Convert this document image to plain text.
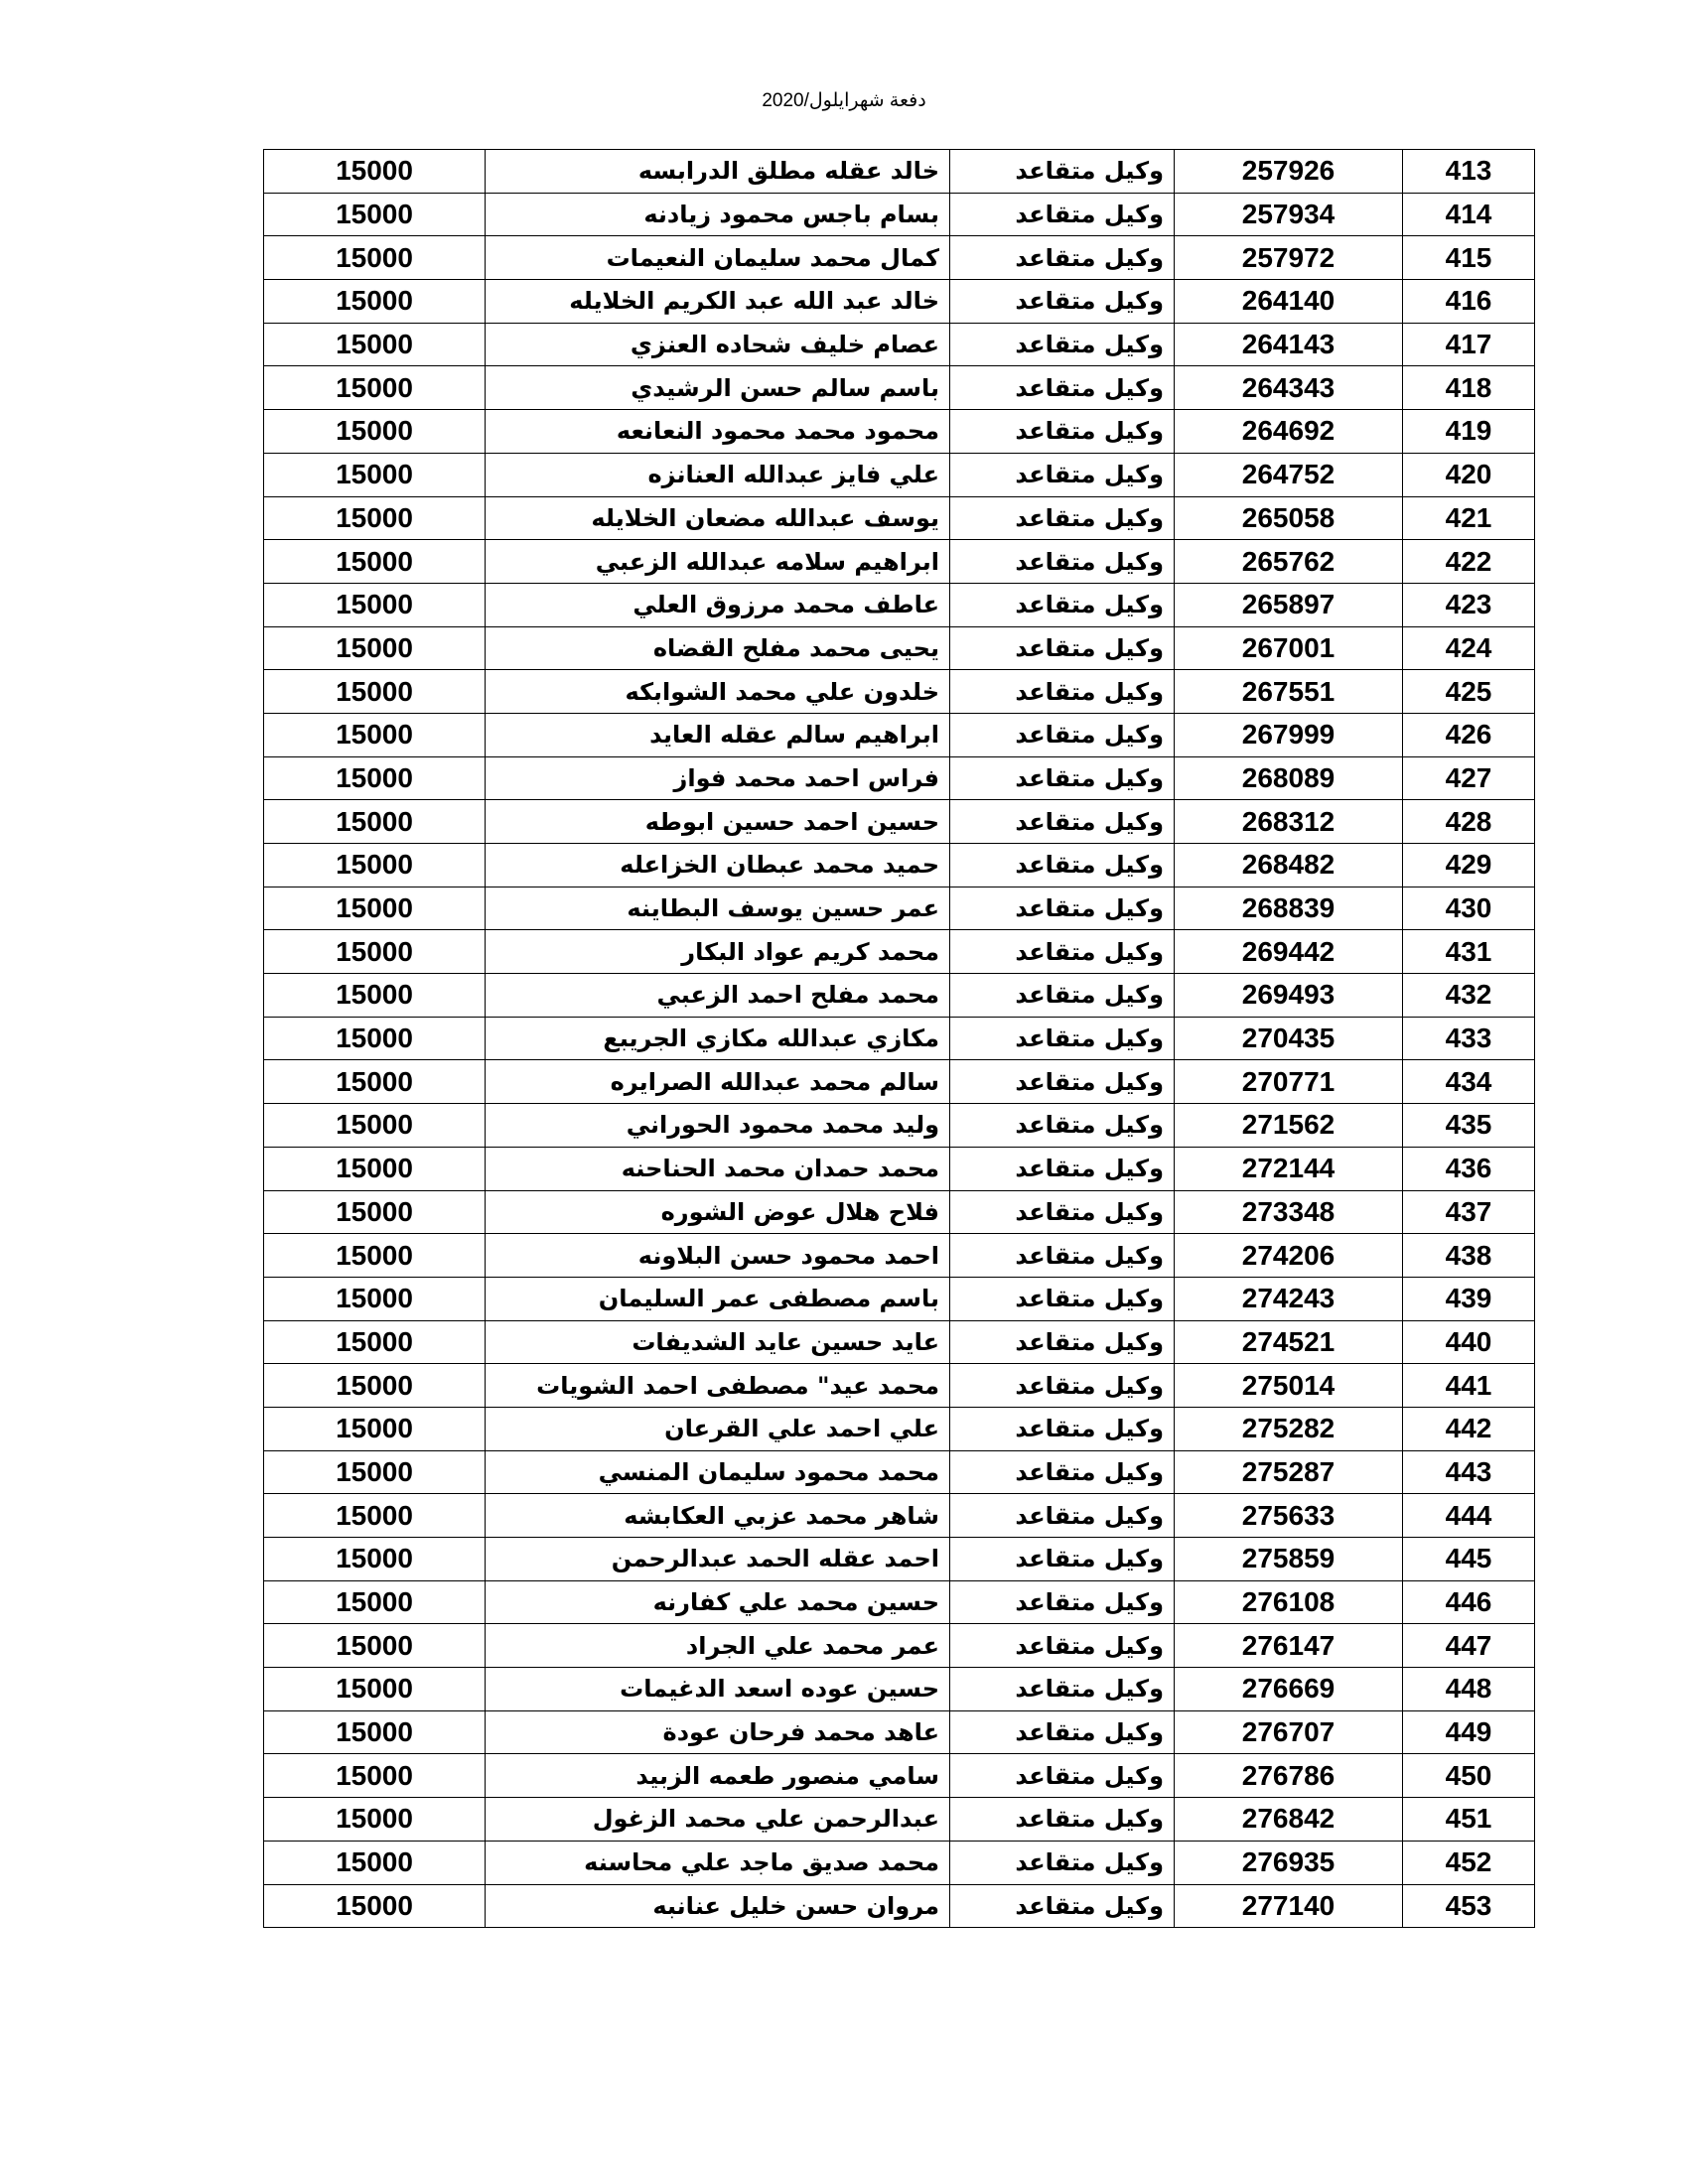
دفعة شهرايلول/2020
413	257926	وكيل متقاعد	خالد عقله مطلق الدرابسه	15000
414	257934	وكيل متقاعد	بسام باجس محمود زيادنه	15000
415	257972	وكيل متقاعد	كمال محمد سليمان النعيمات	15000
416	264140	وكيل متقاعد	خالد عبد الله عبد الكريم الخلايله	15000
417	264143	وكيل متقاعد	عصام خليف شحاده العنزي	15000
418	264343	وكيل متقاعد	باسم سالم حسن الرشيدي	15000
419	264692	وكيل متقاعد	محمود محمد محمود النعانعه	15000
420	264752	وكيل متقاعد	علي فايز عبدالله العنانزه	15000
421	265058	وكيل متقاعد	يوسف عبدالله مضعان الخلايله	15000
422	265762	وكيل متقاعد	ابراهيم سلامه عبدالله الزعبي	15000
423	265897	وكيل متقاعد	عاطف محمد مرزوق العلي	15000
424	267001	وكيل متقاعد	يحيى محمد مفلح القضاه	15000
425	267551	وكيل متقاعد	خلدون علي محمد الشوابكه	15000
426	267999	وكيل متقاعد	ابراهيم سالم عقله العايد	15000
427	268089	وكيل متقاعد	فراس احمد محمد فواز	15000
428	268312	وكيل متقاعد	حسين احمد حسين ابوطه	15000
429	268482	وكيل متقاعد	حميد محمد عبطان الخزاعله	15000
430	268839	وكيل متقاعد	عمر حسين يوسف البطاينه	15000
431	269442	وكيل متقاعد	محمد كريم عواد البكار	15000
432	269493	وكيل متقاعد	محمد مفلح احمد الزعبي	15000
433	270435	وكيل متقاعد	مكازي عبدالله مكازي الجريبع	15000
434	270771	وكيل متقاعد	سالم محمد عبدالله الصرايره	15000
435	271562	وكيل متقاعد	وليد محمد محمود الحوراني	15000
436	272144	وكيل متقاعد	محمد حمدان محمد الحناحنه	15000
437	273348	وكيل متقاعد	فلاح هلال عوض الشوره	15000
438	274206	وكيل متقاعد	احمد محمود حسن البلاونه	15000
439	274243	وكيل متقاعد	باسم مصطفى عمر السليمان	15000
440	274521	وكيل متقاعد	عايد حسين عايد الشديفات	15000
441	275014	وكيل متقاعد	محمد عيد" مصطفى احمد الشويات	15000
442	275282	وكيل متقاعد	علي احمد علي القرعان	15000
443	275287	وكيل متقاعد	محمد محمود سليمان المنسي	15000
444	275633	وكيل متقاعد	شاهر محمد عزبي العكابشه	15000
445	275859	وكيل متقاعد	احمد عقله الحمد عبدالرحمن	15000
446	276108	وكيل متقاعد	حسين محمد علي كفارنه	15000
447	276147	وكيل متقاعد	عمر محمد علي الجراد	15000
448	276669	وكيل متقاعد	حسين عوده اسعد الدغيمات	15000
449	276707	وكيل متقاعد	عاهد محمد فرحان عودة	15000
450	276786	وكيل متقاعد	سامي منصور طعمه الزبيد	15000
451	276842	وكيل متقاعد	عبدالرحمن علي محمد الزغول	15000
452	276935	وكيل متقاعد	محمد صديق ماجد علي محاسنه	15000
453	277140	وكيل متقاعد	مروان حسن خليل عنانبه	15000
